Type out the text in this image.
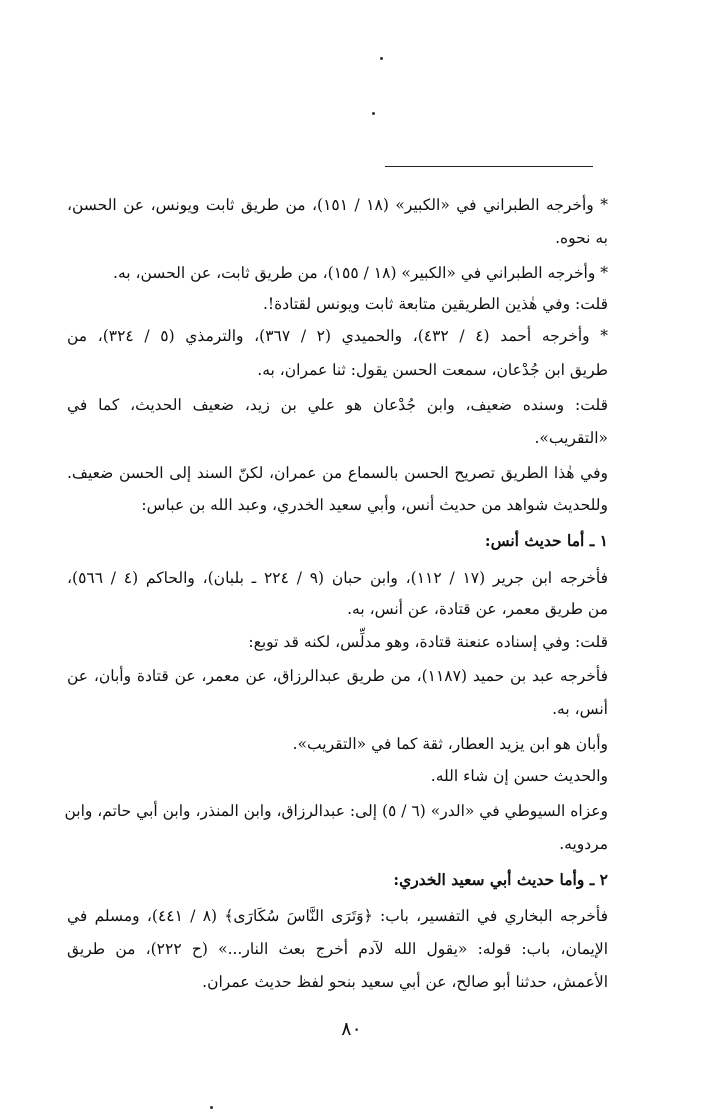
* وأخرجه الطبراني في «الكبير» (١٨ / ١٥١)، من طريق ثابت ويونس، عن الحسن،
به نحوه.
* وأخرجه الطبراني في «الكبير» (١٨ / ١٥٥)، من طريق ثابت، عن الحسن، به.
قلت: وفي هٰذين الطريقين متابعة ثابت ويونس لقتادة!.
* وأخرجه أحمد (٤ / ٤٣٢)، والحميدي (٢ / ٣٦٧)، والترمذي (٥ / ٣٢٤)، من
طريق ابن جُدْعان، سمعت الحسن يقول: ثنا عمران، به.
قلت: وسنده ضعيف، وابن جُدْعان هو علي بن زيد، ضعيف الحديث، كما في
«التقريب».
وفي هٰذا الطريق تصريح الحسن بالسماع من عمران، لكنّ السند إلى الحسن ضعيف.
وللحديث شواهد من حديث أنس، وأبي سعيد الخدري، وعبد الله بن عباس:
١ ـ أما حديث أنس:
فأخرجه ابن جرير (١٧ / ١١٢)، وابن حبان (٩ / ٢٢٤ ـ بلبان)، والحاكم (٤ / ٥٦٦)،
من طريق معمر، عن قتادة، عن أنس، به.
قلت: وفي إسناده عنعنة قتادة، وهو مدلِّس، لكنه قد توبع:
فأخرجه عبد بن حميد (١١٨٧)، من طريق عبدالرزاق، عن معمر، عن قتادة وأبان، عن
أنس، به.
وأبان هو ابن يزيد العطار، ثقة كما في «التقريب».
والحديث حسن إن شاء الله.
وعزاه السيوطي في «الدر» (٦ / ٥) إلى: عبدالرزاق، وابن المنذر، وابن أبي حاتم، وابن
مردويه.
٢ ـ وأما حديث أبي سعيد الخدري:
فأخرجه البخاري في التفسير، باب: ﴿وَتَرَى النَّاسَ سُكَارَى﴾ (٨ / ٤٤١)، ومسلم في
الإيمان، باب: قوله: «يقول الله لآدم أخرج بعث النار...» (ح ٢٢٢)، من طريق
الأعمش، حدثنا أبو صالح، عن أبي سعيد بنحو لفظ حديث عمران.
٨٠
